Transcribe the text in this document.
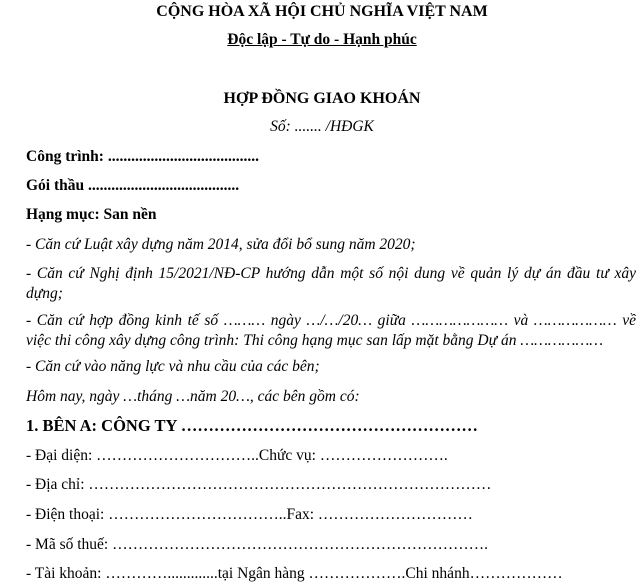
CỘNG HÒA XÃ HỘI CHỦ NGHĨA VIỆT NAM
Độc lập - Tự do - Hạnh phúc
HỢP ĐỒNG GIAO KHOÁN
Số: ....... /HĐGK
Công trình: .......................................
Gói thầu .......................................
Hạng mục: San nền
- Căn cứ Luật xây dựng năm 2014, sửa đổi bổ sung năm 2020;
- Căn cứ Nghị định 15/2021/NĐ-CP hướng dẫn một số nội dung về quản lý dự án đầu tư xây dựng;
- Căn cứ hợp đồng kinh tế số ……… ngày …/…/20… giữa ………………… và ……………… về việc thi công xây dựng công trình: Thi công hạng mục san lấp mặt bằng Dự án ………………
- Căn cứ vào năng lực và nhu cầu của các bên;
Hôm nay, ngày …tháng …năm 20…, các bên gồm có:
1. BÊN A: CÔNG TY ………………………………………………
- Đại diện: …………………………..Chức vụ: …………………….
- Địa chỉ: ……………………………………………………………………
- Điện thoại: ……………………………..Fax: …………………………
- Mã số thuế: ……………………………………………………………….
- Tài khoản: ………….............tại Ngân hàng ……………….Chi nhánh………………
